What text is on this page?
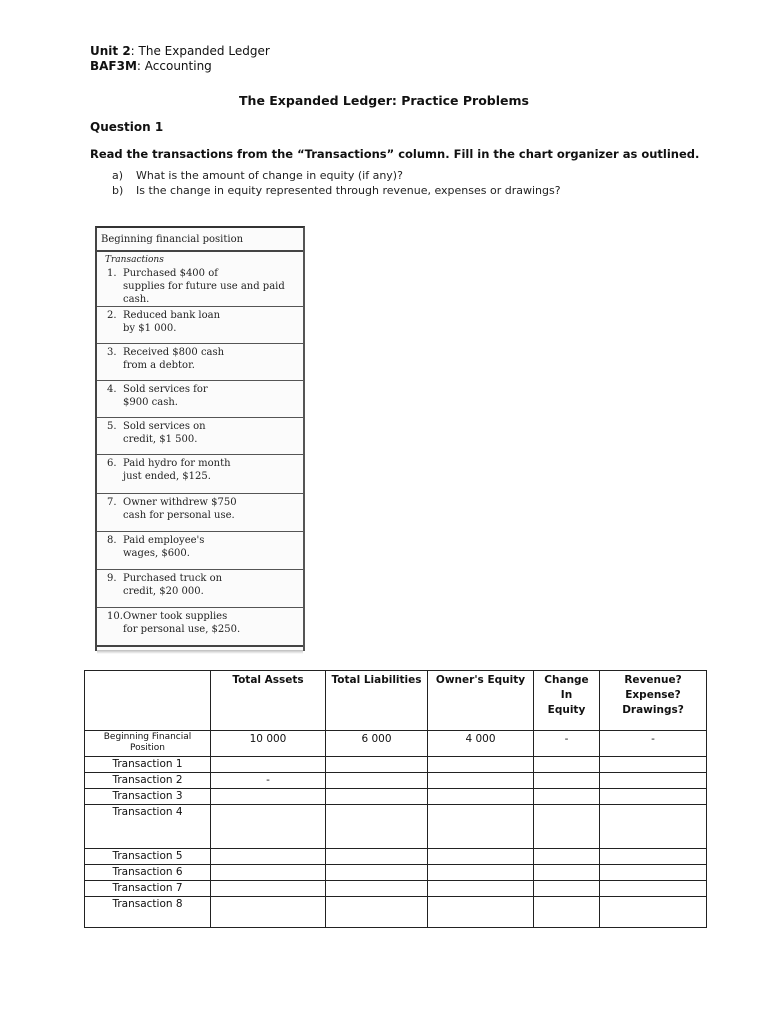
Unit 2: The Expanded Ledger
BAF3M: Accounting
The Expanded Ledger: Practice Problems
Question 1
Read the transactions from the “Transactions” column. Fill in the chart organizer as outlined.
a)	What is the amount of change in equity (if any)?
b)	Is the change in equity represented through revenue, expenses or drawings?
Beginning financial position
Transactions
1. Purchased $400 of
supplies for future use and paid cash.
2. Reduced bank loan
by $1 000.
3. Received $800 cash
from a debtor.
4. Sold services for
$900 cash.
5. Sold services on
credit, $1 500.
6. Paid hydro for month
just ended, $125.
7. Owner withdrew $750
cash for personal use.
8. Paid employee's
wages, $600.
9. Purchased truck on
credit, $20 000.
10. Owner took supplies
for personal use, $250.
	Total Assets	Total Liabilities	Owner's Equity	Change In Equity	Revenue? Expense? Drawings?
Beginning Financial Position	10 000	6 000	4 000	-	-
Transaction 1					
Transaction 2	-				
Transaction 3					
Transaction 4					
Transaction 5					
Transaction 6					
Transaction 7					
Transaction 8					
